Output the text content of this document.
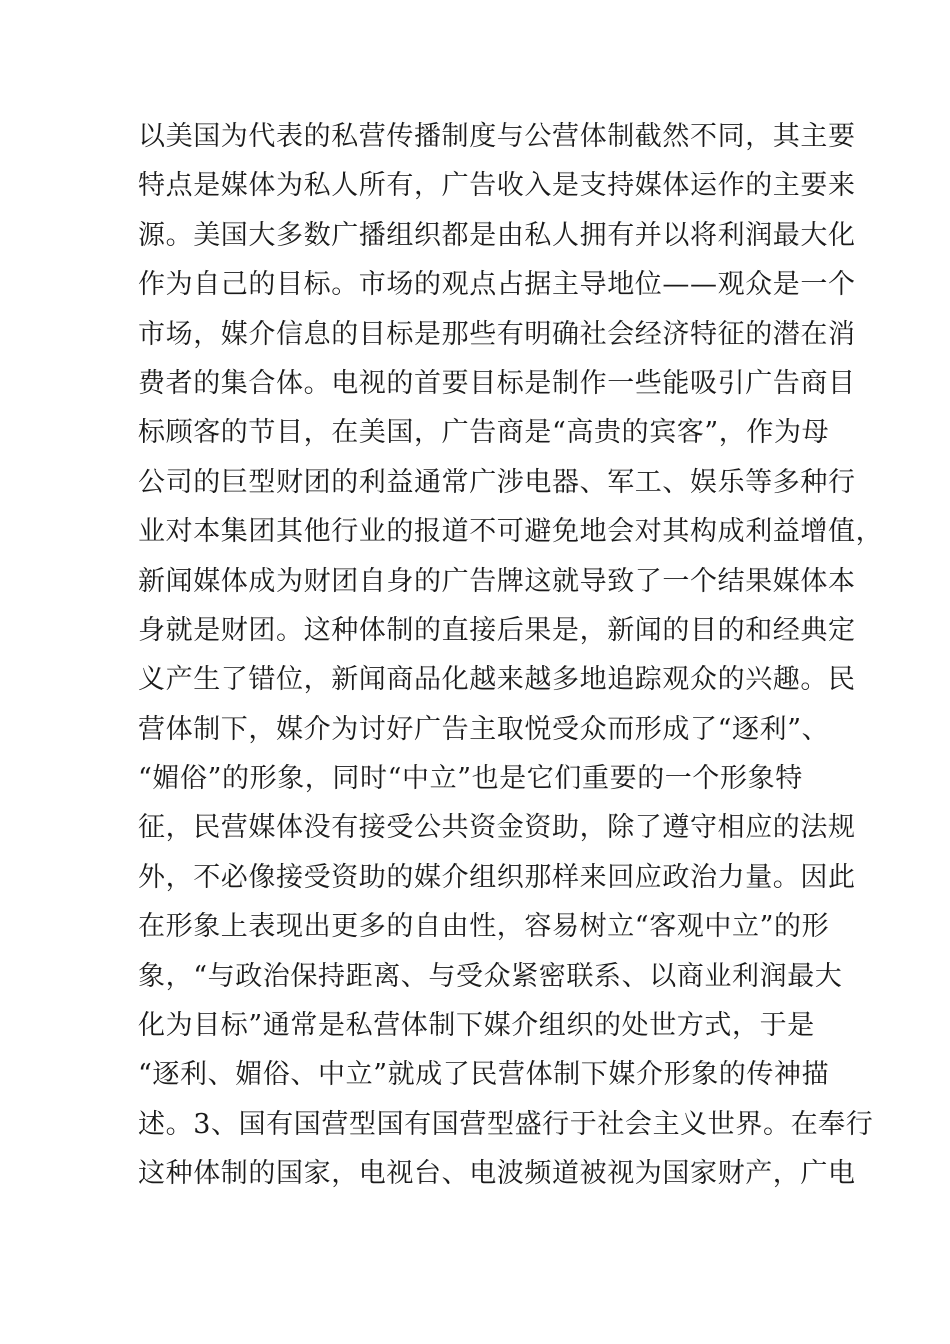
以美国为代表的私营传播制度与公营体制截然不同，其主要
特点是媒体为私人所有，广告收入是支持媒体运作的主要来
源。美国大多数广播组织都是由私人拥有并以将利润最大化
作为自己的目标。市场的观点占据主导地位——观众是一个
市场，媒介信息的目标是那些有明确社会经济特征的潜在消
费者的集合体。电视的首要目标是制作一些能吸引广告商目
标顾客的节目，在美国，广告商是“高贵的宾客”，作为母
公司的巨型财团的利益通常广涉电器、军工、娱乐等多种行
业对本集团其他行业的报道不可避免地会对其构成利益增值，
新闻媒体成为财团自身的广告牌这就导致了一个结果媒体本
身就是财团。这种体制的直接后果是，新闻的目的和经典定
义产生了错位，新闻商品化越来越多地追踪观众的兴趣。民
营体制下，媒介为讨好广告主取悦受众而形成了“逐利”、
“媚俗”的形象，同时“中立”也是它们重要的一个形象特
征，民营媒体没有接受公共资金资助，除了遵守相应的法规
外，不必像接受资助的媒介组织那样来回应政治力量。因此
在形象上表现出更多的自由性，容易树立“客观中立”的形
象，“与政治保持距离、与受众紧密联系、以商业利润最大
化为目标”通常是私营体制下媒介组织的处世方式，于是
“逐利、媚俗、中立”就成了民营体制下媒介形象的传神描
述。3、国有国营型国有国营型盛行于社会主义世界。在奉行
这种体制的国家，电视台、电波频道被视为国家财产，广电
